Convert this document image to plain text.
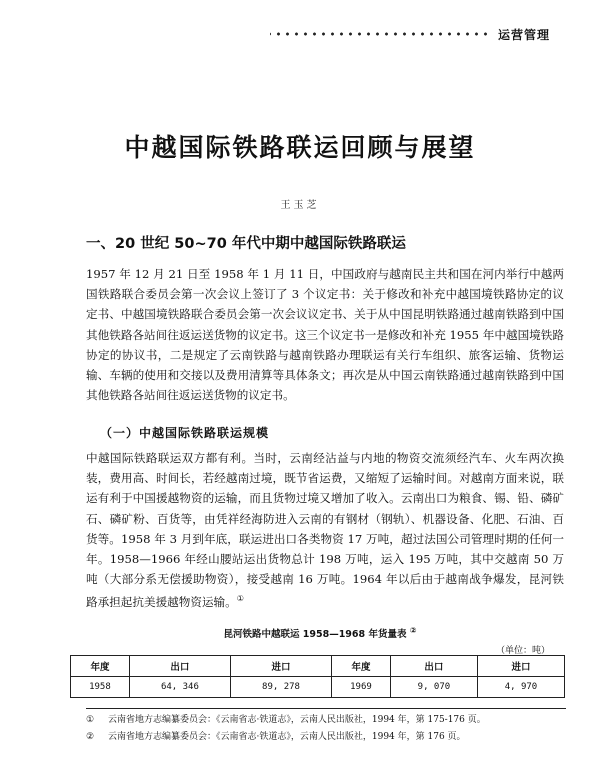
运营管理
中越国际铁路联运回顾与展望
王玉芝
一、20 世纪 50~70 年代中期中越国际铁路联运

1957 年 12 月 21 日至 1958 年 1 月 11 日，中国政府与越南民主共和国在河内举行中越两国铁路联合委员会第一次会议上签订了 3 个议定书：关于修改和补充中越国境铁路协定的议定书、中越国境铁路联合委员会第一次会议议定书、关于从中国昆明铁路通过越南铁路到中国其他铁路各站间往返运送货物的议定书。这三个议定书一是修改和补充 1955 年中越国境铁路协定的协议书，二是规定了云南铁路与越南铁路办理联运有关行车组织、旅客运输、货物运输、车辆的使用和交接以及费用清算等具体条文；再次是从中国云南铁路通过越南铁路到中国其他铁路各站间往返运送货物的议定书。

（一）中越国际铁路联运规模

中越国际铁路联运双方都有利。当时，云南经沾益与内地的物资交流须经汽车、火车两次换装，费用高、时间长，若经越南过境，既节省运费，又缩短了运输时间。对越南方面来说，联运有利于中国援越物资的运输，而且货物过境又增加了收入。云南出口为粮食、锡、铅、磷矿石、磷矿粉、百货等，由凭祥经海防进入云南的有钢材（钢轨）、机器设备、化肥、石油、百货等。1958 年 3 月到年底，联运进出口各类物资 17 万吨，超过法国公司管理时期的任何一年。1958—1966 年经山腰站运出货物总计 198 万吨，运入 195 万吨，其中交越南 50 万吨（大部分系无偿援助物资），接受越南 16 万吨。1964 年以后由于越南战争爆发，昆河铁路承担起抗美援越物资运输。①

昆河铁路中越联运 1958—1968 年货量表 ②
（单位：吨）
年度	出口	进口	年度	出口	进口
1958	64, 346	89, 278	1969	9, 070	4, 970
①	云南省地方志编纂委员会：《云南省志·铁道志》，云南人民出版社，1994 年，第 175-176 页。
②	云南省地方志编纂委员会：《云南省志·铁道志》，云南人民出版社，1994 年，第 176 页。
